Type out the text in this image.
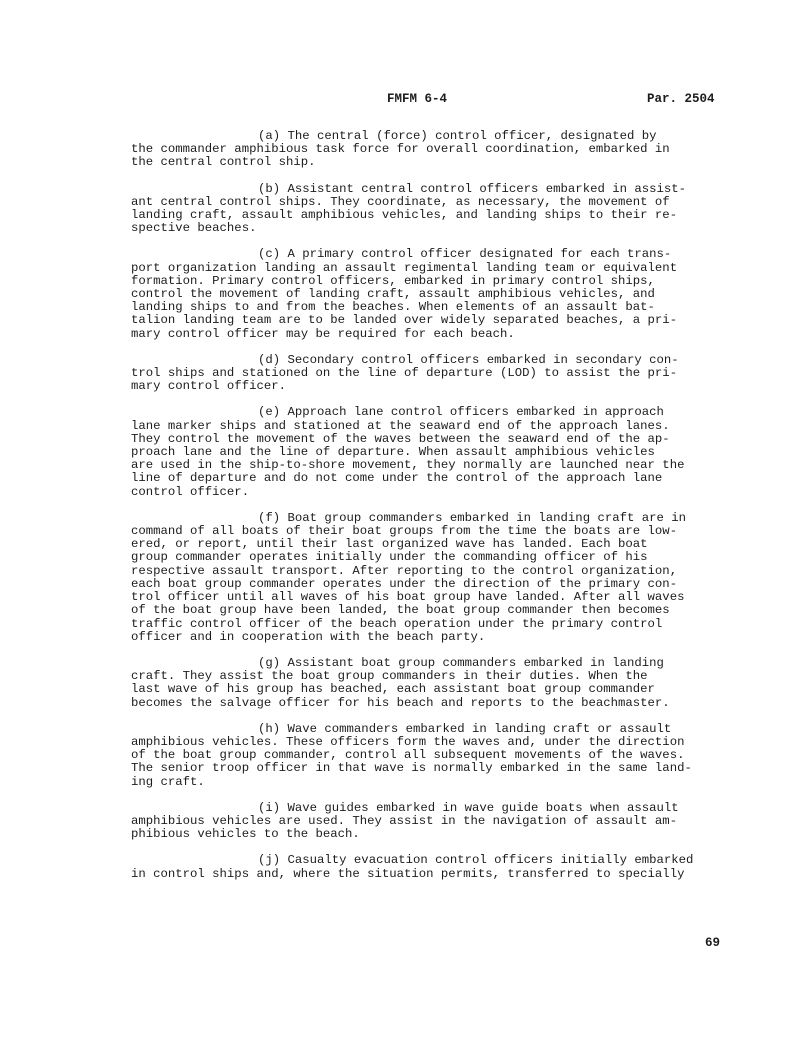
FMFM 6-4	Par. 2504

(a) The central (force) control officer, designated by
the commander amphibious task force for overall coordination, embarked in
the central control ship.

(b) Assistant central control officers embarked in assist-
ant central control ships. They coordinate, as necessary, the movement of
landing craft, assault amphibious vehicles, and landing ships to their re-
spective beaches.

(c) A primary control officer designated for each trans-
port organization landing an assault regimental landing team or equivalent
formation. Primary control officers, embarked in primary control ships,
control the movement of landing craft, assault amphibious vehicles, and
landing ships to and from the beaches. When elements of an assault bat-
talion landing team are to be landed over widely separated beaches, a pri-
mary control officer may be required for each beach.

(d) Secondary control officers embarked in secondary con-
trol ships and stationed on the line of departure (LOD) to assist the pri-
mary control officer.

(e) Approach lane control officers embarked in approach
lane marker ships and stationed at the seaward end of the approach lanes.
They control the movement of the waves between the seaward end of the ap-
proach lane and the line of departure. When assault amphibious vehicles
are used in the ship-to-shore movement, they normally are launched near the
line of departure and do not come under the control of the approach lane
control officer.

(f) Boat group commanders embarked in landing craft are in
command of all boats of their boat groups from the time the boats are low-
ered, or report, until their last organized wave has landed. Each boat
group commander operates initially under the commanding officer of his
respective assault transport. After reporting to the control organization,
each boat group commander operates under the direction of the primary con-
trol officer until all waves of his boat group have landed. After all waves
of the boat group have been landed, the boat group commander then becomes
traffic control officer of the beach operation under the primary control
officer and in cooperation with the beach party.

(g) Assistant boat group commanders embarked in landing
craft. They assist the boat group commanders in their duties. When the
last wave of his group has beached, each assistant boat group commander
becomes the salvage officer for his beach and reports to the beachmaster.

(h) Wave commanders embarked in landing craft or assault
amphibious vehicles. These officers form the waves and, under the direction
of the boat group commander, control all subsequent movements of the waves.
The senior troop officer in that wave is normally embarked in the same land-
ing craft.

(i) Wave guides embarked in wave guide boats when assault
amphibious vehicles are used. They assist in the navigation of assault am-
phibious vehicles to the beach.

(j) Casualty evacuation control officers initially embarked
in control ships and, where the situation permits, transferred to specially

69
